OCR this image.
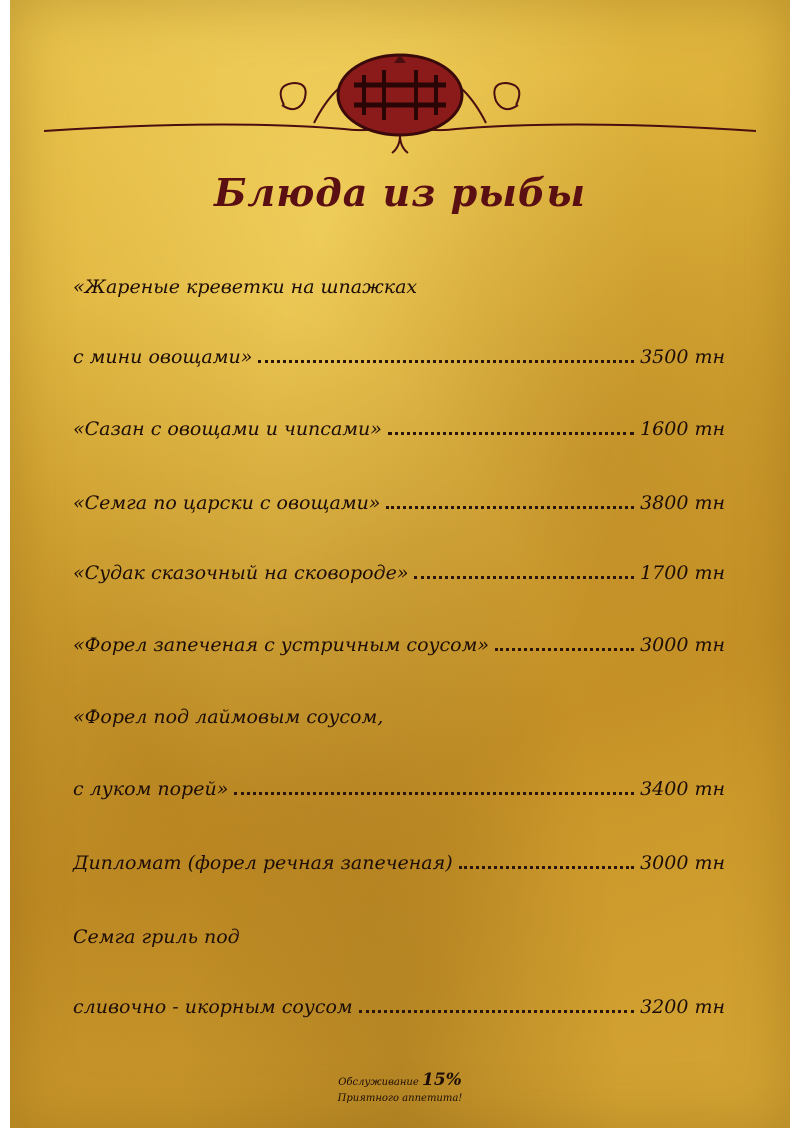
Блюда из рыбы
«Жареные креветки на шпажках
с мини овощами»	3500 тн
«Сазан с овощами и чипсами»	1600 тн
«Семга по царски с овощами»	3800 тн
«Судак сказочный на сковороде»	1700 тн
«Форел запеченая с устричным соусом»	3000 тн
«Форел под лаймовым соусом,
с луком порей»	3400 тн
Дипломат (форел речная запеченая)	3000 тн
Семга гриль под
сливочно - икорным соусом	3200 тн
Обслуживание 15%
Приятного аппетита!
